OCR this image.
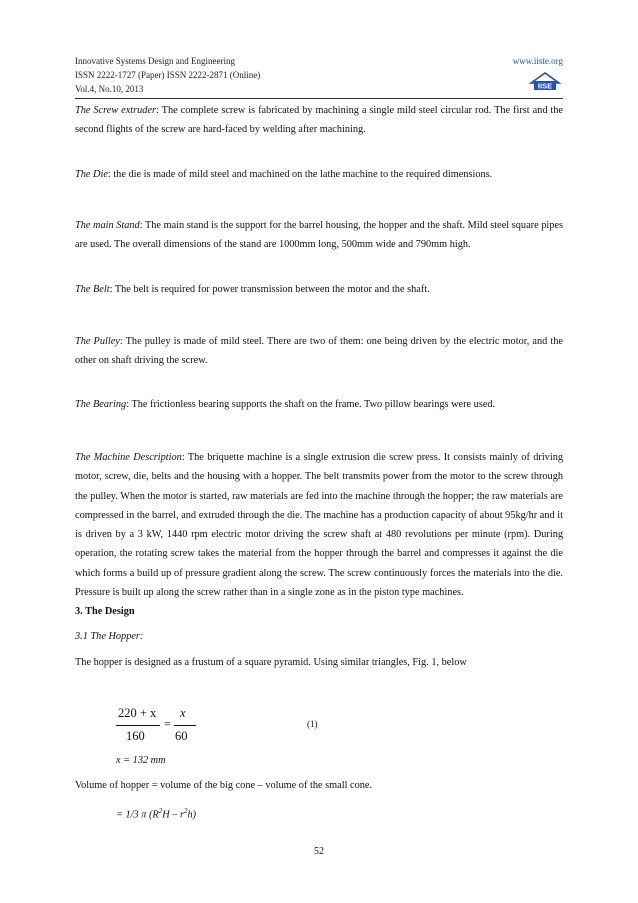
Innovative Systems Design and Engineering
ISSN 2222-1727 (Paper) ISSN 2222-2871 (Online)
Vol.4, No.10, 2013
www.iiste.org
IISE

The Screw extruder: The complete screw is fabricated by machining a single mild steel circular rod. The first and the second flights of the screw are hard-faced by welding after machining.

The Die: the die is made of mild steel and machined on the lathe machine to the required dimensions.

The main Stand: The main stand is the support for the barrel housing, the hopper and the shaft. Mild steel square pipes are used. The overall dimensions of the stand are 1000mm long, 500mm wide and 790mm high.

The Belt: The belt is required for power transmission between the motor and the shaft.

The Pulley: The pulley is made of mild steel. There are two of them: one being driven by the electric motor, and the other on shaft driving the screw.

The Bearing: The frictionless bearing supports the shaft on the frame. Two pillow bearings were used.

The Machine Description: The briquette machine is a single extrusion die screw press. It consists mainly of driving motor, screw, die, belts and the housing with a hopper. The belt transmits power from the motor to the screw through the pulley. When the motor is started, raw materials are fed into the machine through the hopper; the raw materials are compressed in the barrel, and extruded through the die. The machine has a production capacity of about 95kg/hr and it is driven by a 3 kW, 1440 rpm electric motor driving the screw shaft at 480 revolutions per minute (rpm). During operation, the rotating screw takes the material from the hopper through the barrel and compresses it against the die which forms a build up of pressure gradient along the screw. The screw continuously forces the materials into the die. Pressure is built up along the screw rather than in a single zone as in the piston type machines.

3. The Design

3.1 The Hopper:

The hopper is designed as a frustum of a square pyramid. Using similar triangles, Fig. 1, below

220 + x
160
=
x
60
(1)

x = 132 mm

Volume of hopper = volume of the big cone – volume of the small cone.

= 1/3 π $(R^2H - r^2h)$

52
